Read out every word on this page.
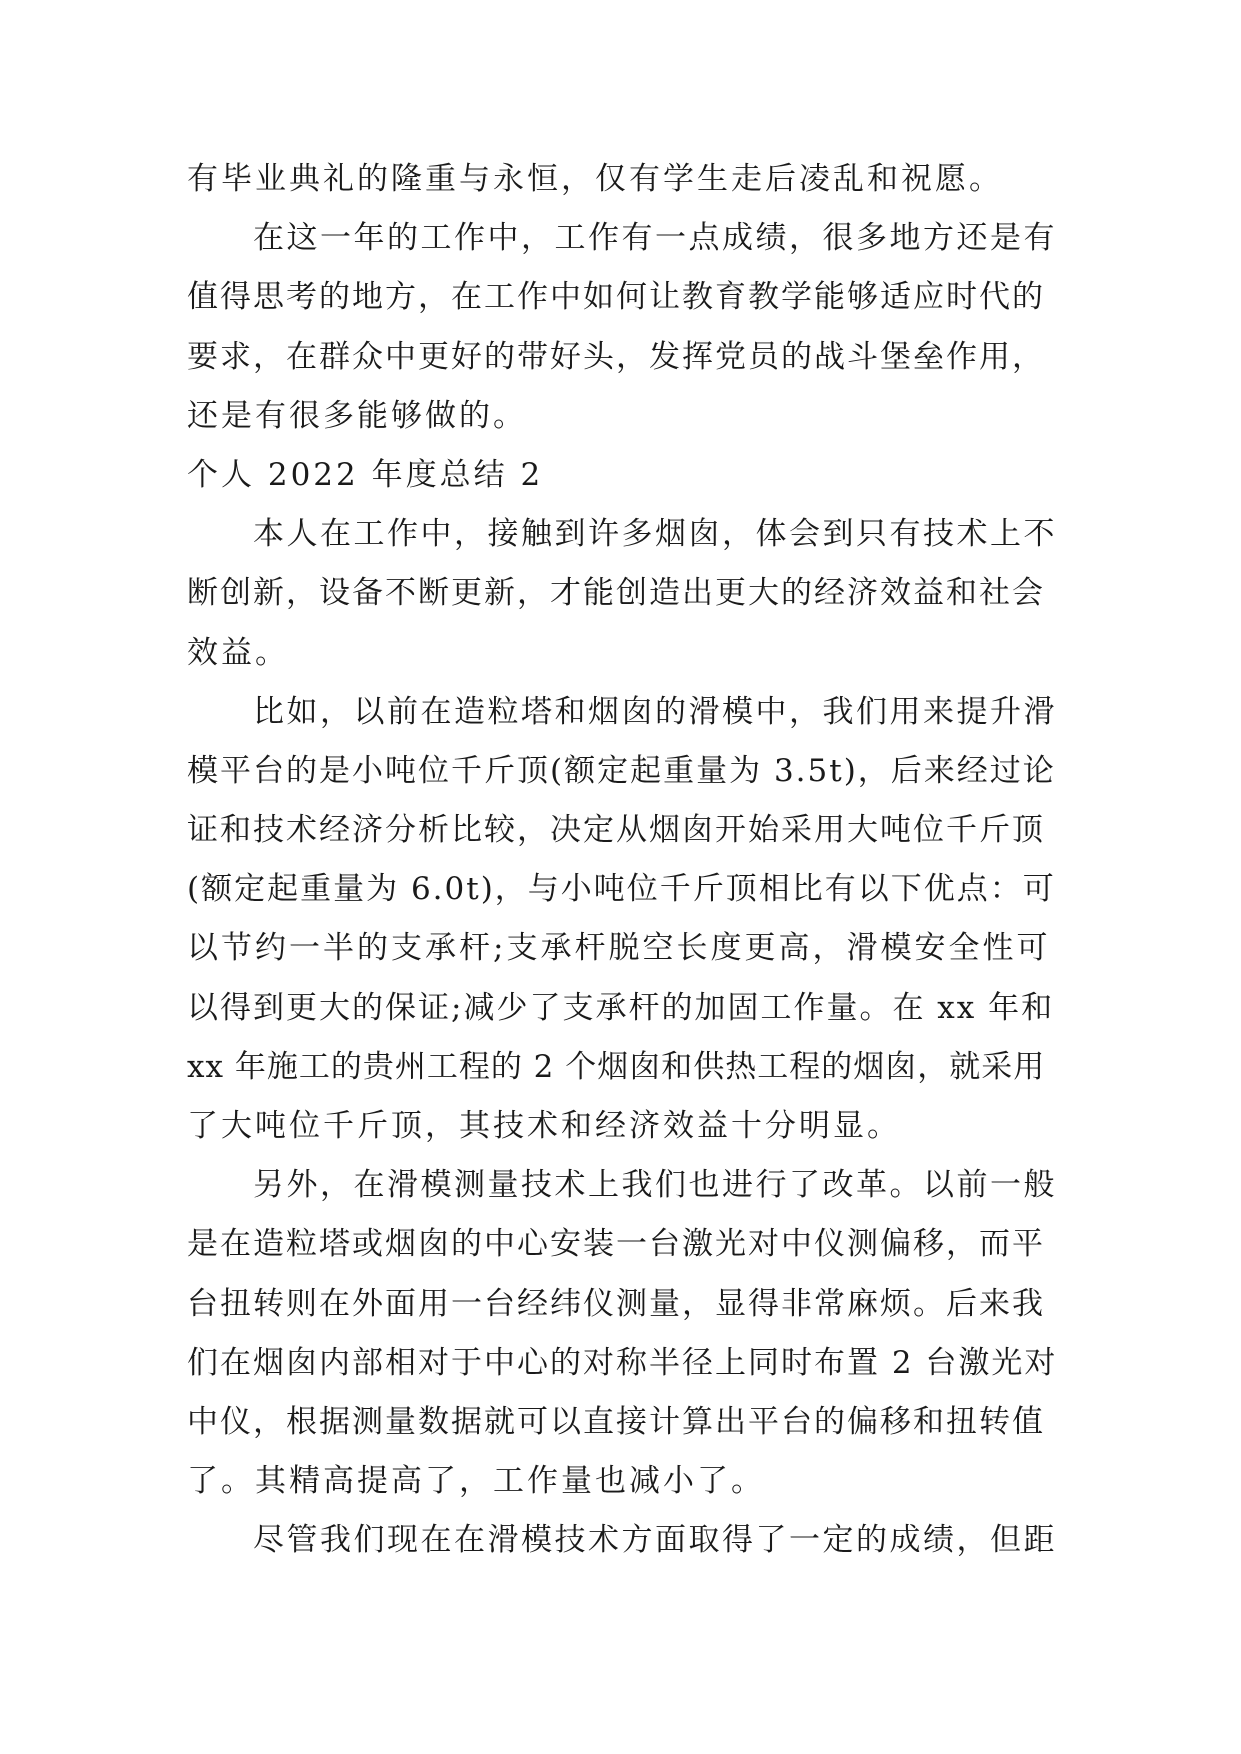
有毕业典礼的隆重与永恒，仅有学生走后凌乱和祝愿。
在这一年的工作中，工作有一点成绩，很多地方还是有
值得思考的地方，在工作中如何让教育教学能够适应时代的
要求，在群众中更好的带好头，发挥党员的战斗堡垒作用，
还是有很多能够做的。
个人 2022 年度总结 2
本人在工作中，接触到许多烟囱，体会到只有技术上不
断创新，设备不断更新，才能创造出更大的经济效益和社会
效益。
比如，以前在造粒塔和烟囱的滑模中，我们用来提升滑
模平台的是小吨位千斤顶(额定起重量为 3.5t)，后来经过论
证和技术经济分析比较，决定从烟囱开始采用大吨位千斤顶
(额定起重量为 6.0t)，与小吨位千斤顶相比有以下优点：可
以节约一半的支承杆;支承杆脱空长度更高，滑模安全性可
以得到更大的保证;减少了支承杆的加固工作量。在 xx 年和
xx 年施工的贵州工程的 2 个烟囱和供热工程的烟囱，就采用
了大吨位千斤顶，其技术和经济效益十分明显。
另外，在滑模测量技术上我们也进行了改革。以前一般
是在造粒塔或烟囱的中心安装一台激光对中仪测偏移，而平
台扭转则在外面用一台经纬仪测量，显得非常麻烦。后来我
们在烟囱内部相对于中心的对称半径上同时布置 2 台激光对
中仪，根据测量数据就可以直接计算出平台的偏移和扭转值
了。其精高提高了，工作量也减小了。
尽管我们现在在滑模技术方面取得了一定的成绩，但距
